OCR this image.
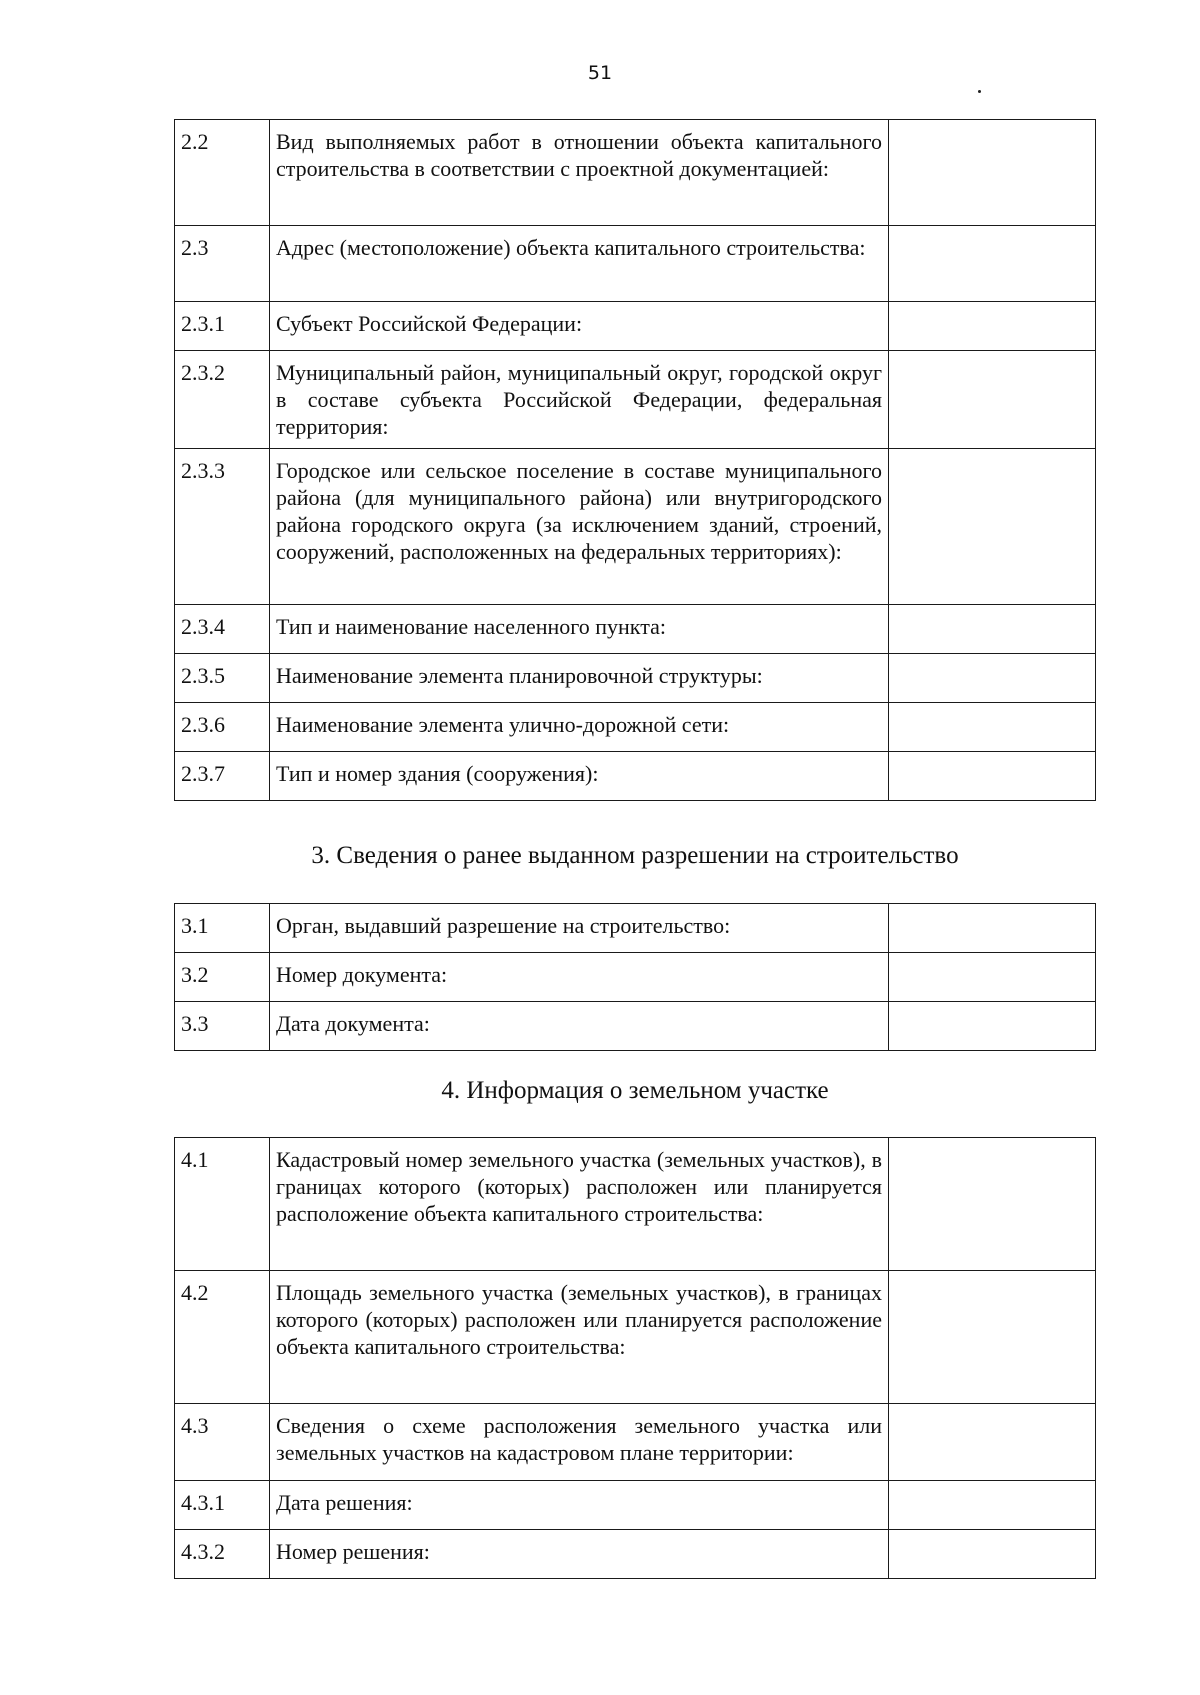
51
2.2	Вид выполняемых работ в отношении объекта капитального строительства в соответствии с проектной документацией:	

2.3	Адрес (местоположение) объекта капитального строительства:	

2.3.1	Субъект Российской Федерации:	

2.3.2	Муниципальный район, муниципальный округ, городской округ в составе субъекта Российской Федерации, федеральная территория:	

2.3.3	Городское или сельское поселение в составе муниципального района (для муниципального района) или внутригородского района городского округа (за исключением зданий, строений, сооружений, расположенных на федеральных территориях):	

2.3.4	Тип и наименование населенного пункта:	

2.3.5	Наименование элемента планировочной структуры:	

2.3.6	Наименование элемента улично-дорожной сети:	

2.3.7	Тип и номер здания (сооружения):	

3. Сведения о ранее выданном разрешении на строительство
3.1	Орган, выдавший разрешение на строительство:	

3.2	Номер документа:	

3.3	Дата документа:	

4. Информация о земельном участке
4.1	Кадастровый номер земельного участка (земельных участков), в границах которого (которых) расположен или планируется расположение объекта капитального строительства:	

4.2	Площадь земельного участка (земельных участков), в границах которого (которых) расположен или планируется расположение объекта капитального строительства:	

4.3	Сведения о схеме расположения земельного участка или земельных участков на кадастровом плане территории:	

4.3.1	Дата решения:	

4.3.2	Номер решения:	
